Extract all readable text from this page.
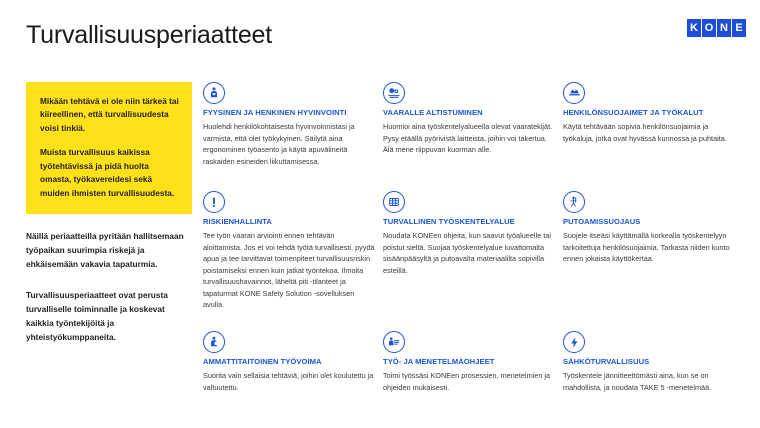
Turvallisuusperiaatteet	K O N E

Mikään tehtävä ei ole niin tärkeä tai kiireellinen, että turvallisuudesta voisi tinkiä.

Muista turvallisuus kaikissa työtehtävissä ja pidä huolta omasta, työkavereidesi sekä muiden ihmisten turvallisuudesta.

Näillä periaatteilla pyritään hallitsemaan työpaikan suurimpia riskejä ja ehkäisemään vakavia tapaturmia.

Turvallisuusperiaatteet ovat perusta turvalliselle toiminnalle ja koskevat kaikkia työntekijöitä ja yhteistyökumppaneita.

FYYSINEN JA HENKINEN HYVINVOINTI

Huolehdi henkilökohtaisesta hyvinvoinnistasi ja varmista, että olet työkykyinen. Säilytä aina ergonominen työasento ja käytä apuvälineitä raskaiden esineiden liikuttamisessa.

VAARALLE ALTISTUMINEN

Huomioi aina työskentelyalueella olevat vaaratekijät. Pysy etäällä pyörivistä laitteista, joihin voi takertua. Älä mene riippuvan kuorman alle.

HENKILÖNSUOJAIMET JA TYÖKALUT

Käytä tehtävään sopivia henkilönsuojaimia ja työkaluja, jotka ovat hyvässä kunnossa ja puhtaita.

RISKIENHALLINTA

Tee työn vaaran arviointi ennen tehtävän aloittamista. Jos et voi tehdä työtä turvallisesti, pyydä apua ja tee tarvittavat toimenpiteet turvallisuusriskin poistamiseksi ennen kuin jatkat työntekoa. Ilmoita turvallisuushavainnot, läheltä piti -tilanteet ja tapaturmat KONE Safety Solution -sovelluksen avulla.

TURVALLINEN TYÖSKENTELYALUE

Noudata KONEen ohjeita, kun saavut työalueelle tai poistut sieltä. Suojaa työskentelyalue luvattomalta sisäänpääsyltä ja putoavalta materiaalilta sopivilla esteillä.

PUTOAMISSUOJAUS

Suojele itseäsi käyttämällä korkealla työskentelyyn tarkoitettuja henkilösuojaimia. Tarkasta niiden kunto ennen jokaista käyttökertaa.

AMMATTITAITOINEN TYÖVOIMA

Suorita vain sellaisia tehtäviä, joihin olet koulutettu ja valtuutettu.

TYÖ- JA MENETELMÄOHJEET

Toimi työssäsi KONEen prosessien, menetelmien ja ohjeiden mukaisesti.

SÄHKÖTURVALLISUUS

Työskentele jännitteettömästi aina, kun se on mahdollista, ja noudata TAKE 5 -menetelmää.
